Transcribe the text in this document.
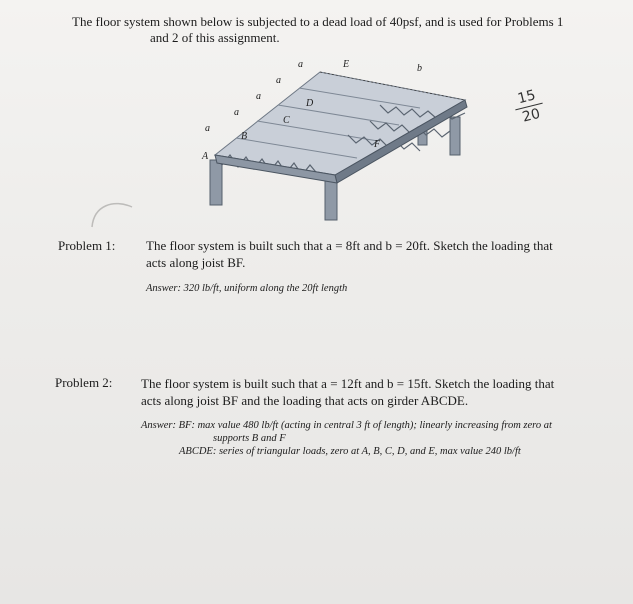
The floor system shown below is subjected to a dead load of 40psf, and is used for Problems 1
and 2 of this assignment.
A
B
C
D
E
F
a
a
a
a
a	b
15
20
Problem 1: The floor system is built such that a = 8ft and b = 20ft. Sketch the loading that
acts along joist BF.
Answer: 320 lb/ft, uniform along the 20ft length
Problem 2: The floor system is built such that a = 12ft and b = 15ft. Sketch the loading that
acts along joist BF and the loading that acts on girder ABCDE.
Answer: BF: max value 480 lb/ft (acting in central 3 ft of length); linearly increasing from zero at
supports B and F
ABCDE: series of triangular loads, zero at A, B, C, D, and E, max value 240 lb/ft
